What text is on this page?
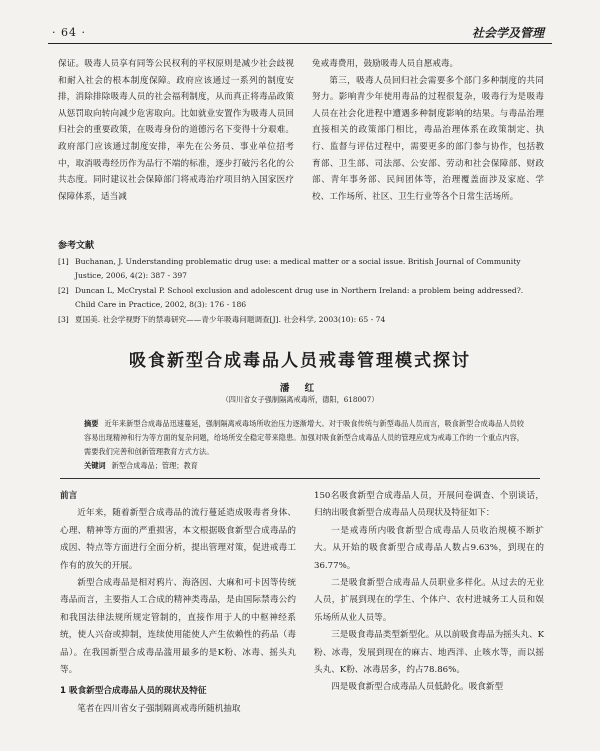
· 64 ·	社会学及管理

保证。吸毒人员享有同等公民权利的平权原则是减少社会歧视和耐入社会的根本制度保障。政府应该通过一系列的制度安排，消除排除吸毒人员的社会福利制度，从而真正将毒品政策从惩罚取向转向减少危害取向。比如就业安置作为吸毒人员回归社会的重要政策，在吸毒身份的道德污名下变得十分艰难。政府部门应该通过制度安排，率先在公务员、事业单位招考中，取消吸毒经历作为品行不端的标准，逐步打破污名化的公共态度。同时建议社会保障部门将戒毒治疗项目纳入国家医疗保障体系，适当减

免戒毒费用，鼓励吸毒人员自愿戒毒。

第三，吸毒人员回归社会需要多个部门多种制度的共同努力。影响青少年使用毒品的过程很复杂，吸毒行为是吸毒人员在社会化进程中遭遇多种制度影响的结果。与毒品治理直接相关的政策部门相比，毒品治理体系在政策制定、执行、监督与评估过程中，需要更多的部门参与协作，包括教育部、卫生部、司法部、公安部、劳动和社会保障部、财政部、青年事务部、民间团体等，治理覆盖面涉及家庭、学校、工作场所、社区、卫生行业等各个日常生活场所。

参考文献
[1] Buchanan, J. Understanding problematic drug use: a medical matter or a social issue. British Journal of Community Justice, 2006, 4(2): 387 - 397
[2] Duncan L, McCrystal P. School exclusion and adolescent drug use in Northern Ireland: a problem being addressed?. Child Care in Practice, 2002, 8(3): 176 - 186
[3] 夏国美. 社会学视野下的禁毒研究——青少年吸毒问题调查[J]. 社会科学, 2003(10): 65 - 74
吸食新型合成毒品人员戒毒管理模式探讨
潘 红
（四川省女子强制隔离戒毒所，德阳，618007）
摘要 近年来新型合成毒品迅速蔓延，强制隔离戒毒场所收治压力逐渐增大。对于吸食传统与新型毒品人员而言，吸食新型合成毒品人员较容易出现精神和行为等方面的复杂问题，给场所安全稳定带来隐患。加强对吸食新型合成毒品人员的管理应成为戒毒工作的一个重点内容，需要我们完善和创新管理教育方式方法。
关键词 新型合成毒品；管理；教育
前言

近年来，随着新型合成毒品的流行蔓延造成吸毒者身体、心理、精神等方面的严重损害，本文根据吸食新型合成毒品的成因、特点等方面进行全面分析，提出管理对策，促进戒毒工作有的放矢的开展。

新型合成毒品是相对鸦片、海洛因、大麻和可卡因等传统毒品而言，主要指人工合成的精神类毒品，是由国际禁毒公约和我国法律法规所规定管制的，直接作用于人的中枢神经系统，使人兴奋或抑制，连续使用能使人产生依赖性的药品（毒品）。在我国新型合成毒品滥用最多的是K粉、冰毒、摇头丸等。

1 吸食新型合成毒品人员的现状及特征

笔者在四川省女子强制隔离戒毒所随机抽取

150名吸食新型合成毒品人员，开展问卷调查、个别谈话，归纳出吸食新型合成毒品人员现状及特征如下：

一是戒毒所内吸食新型合成毒品人员收治规模不断扩大。从开始的吸食新型合成毒品人数占9.63%，到现在的36.77%。

二是吸食新型合成毒品人员职业多样化。从过去的无业人员，扩展到现在的学生、个体户、农村进城务工人员和娱乐场所从业人员等。

三是吸食毒品类型新型化。从以前吸食毒品为摇头丸、K粉、冰毒，发展到现在的麻古、地西泮、止咳水等，而以摇头丸、K粉、冰毒居多，约占78.86%。

四是吸食新型合成毒品人员低龄化。吸食新型
